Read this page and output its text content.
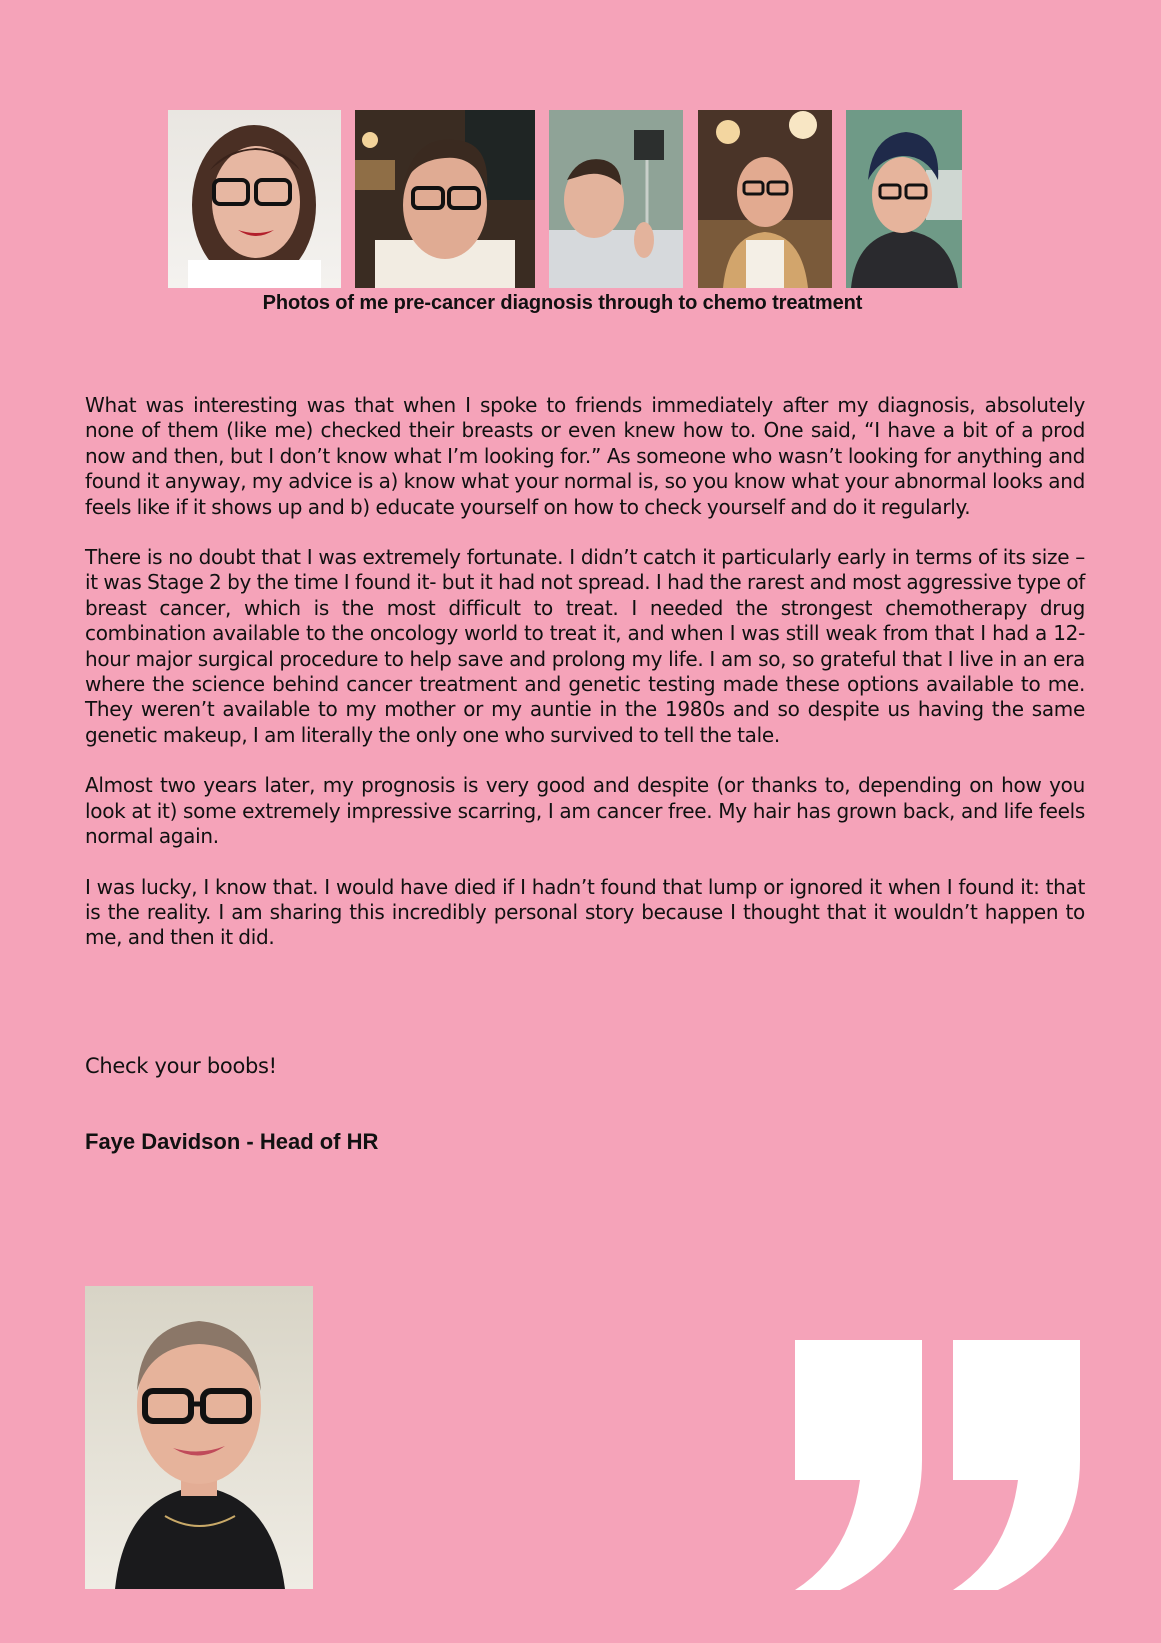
Photos of me pre-cancer diagnosis through to chemo treatment

What was interesting was that when I spoke to friends immediately after my diagnosis, absolutely none of them (like me) checked their breasts or even knew how to. One said, “I have a bit of a prod now and then, but I don’t know what I’m looking for.” As someone who wasn’t looking for anything and found it anyway, my advice is a) know what your normal is, so you know what your abnormal looks and feels like if it shows up and b) educate yourself on how to check yourself and do it regularly.

There is no doubt that I was extremely fortunate. I didn’t catch it particularly early in terms of its size – it was Stage 2 by the time I found it- but it had not spread. I had the rarest and most aggressive type of breast cancer, which is the most difficult to treat. I needed the strongest chemotherapy drug combination available to the oncology world to treat it, and when I was still weak from that I had a 12-hour major surgical procedure to help save and prolong my life. I am so, so grateful that I live in an era where the science behind cancer treatment and genetic testing made these options available to me. They weren’t available to my mother or my auntie in the 1980s and so despite us having the same genetic makeup, I am literally the only one who survived to tell the tale.

Almost two years later, my prognosis is very good and despite (or thanks to, depending on how you look at it) some extremely impressive scarring, I am cancer free. My hair has grown back, and life feels normal again.

I was lucky, I know that. I would have died if I hadn’t found that lump or ignored it when I found it: that is the reality. I am sharing this incredibly personal story because I thought that it wouldn’t happen to me, and then it did.

Check your boobs!
Faye Davidson - Head of HR
